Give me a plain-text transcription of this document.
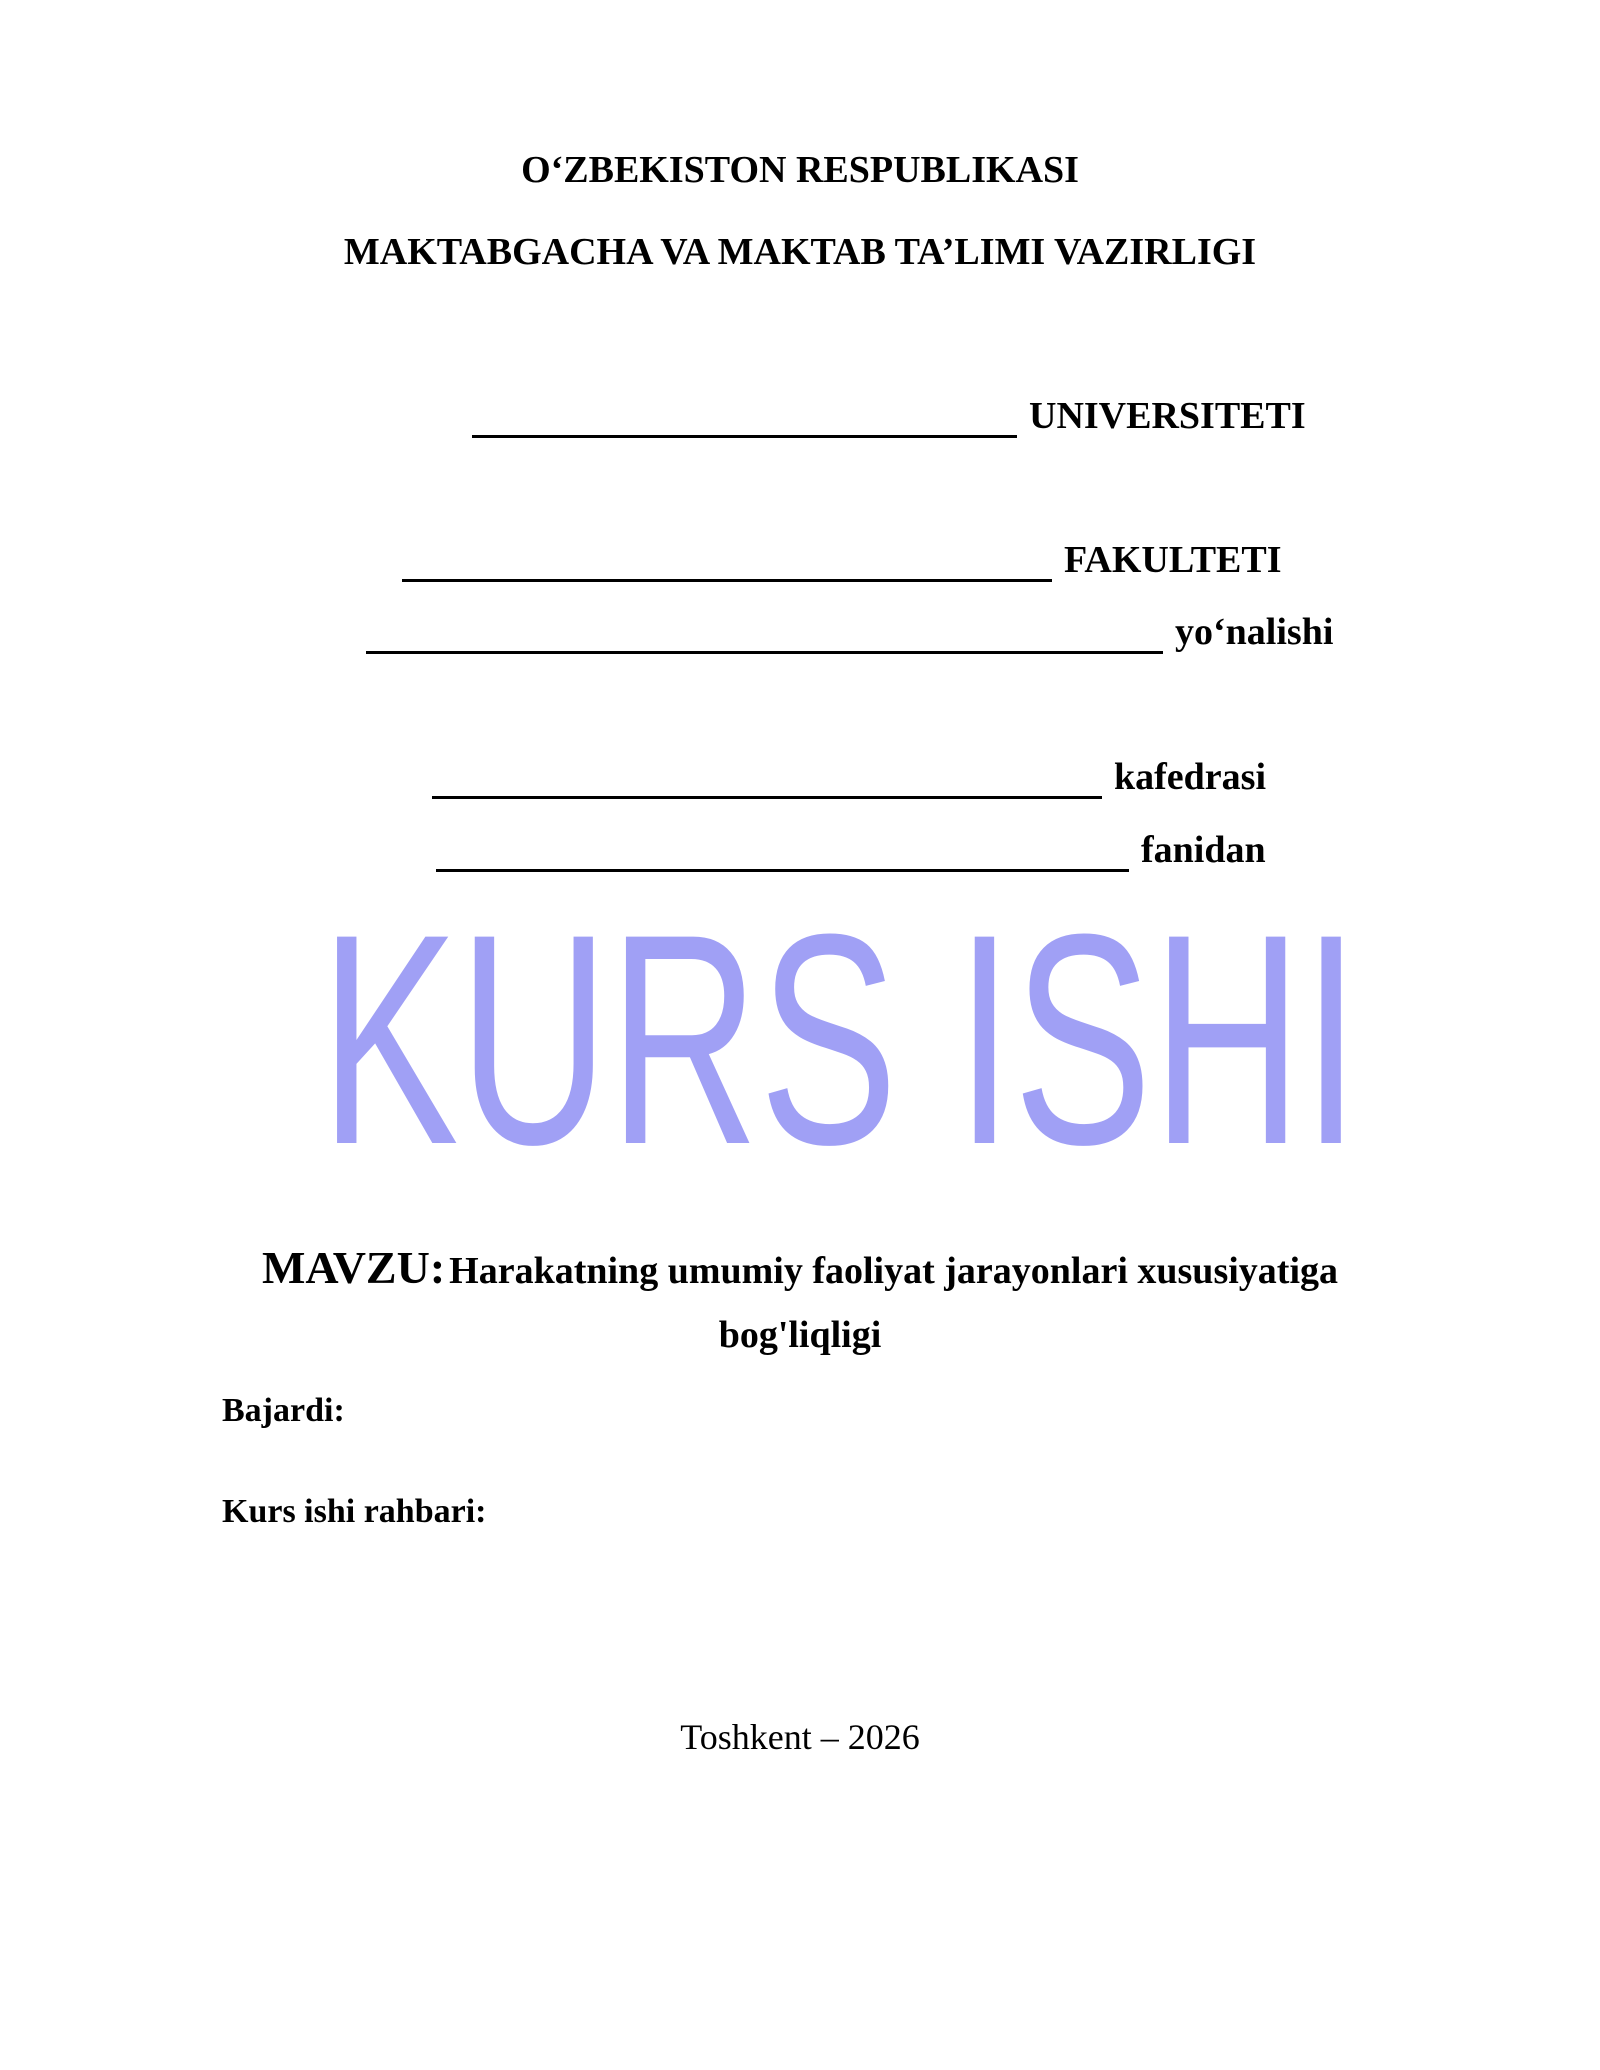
O‘ZBEKISTON RESPUBLIKASI
MAKTABGACHA VA MAKTAB TA’LIMI VAZIRLIGI
UNIVERSITETI
FAKULTETI
yo‘nalishi
kafedrasi
fanidan
KURS ISHI
MAVZU: Harakatning umumiy faoliyat jarayonlari xususiyatiga bog'liqligi
Bajardi:
Kurs ishi rahbari:
Toshkent – 2026
